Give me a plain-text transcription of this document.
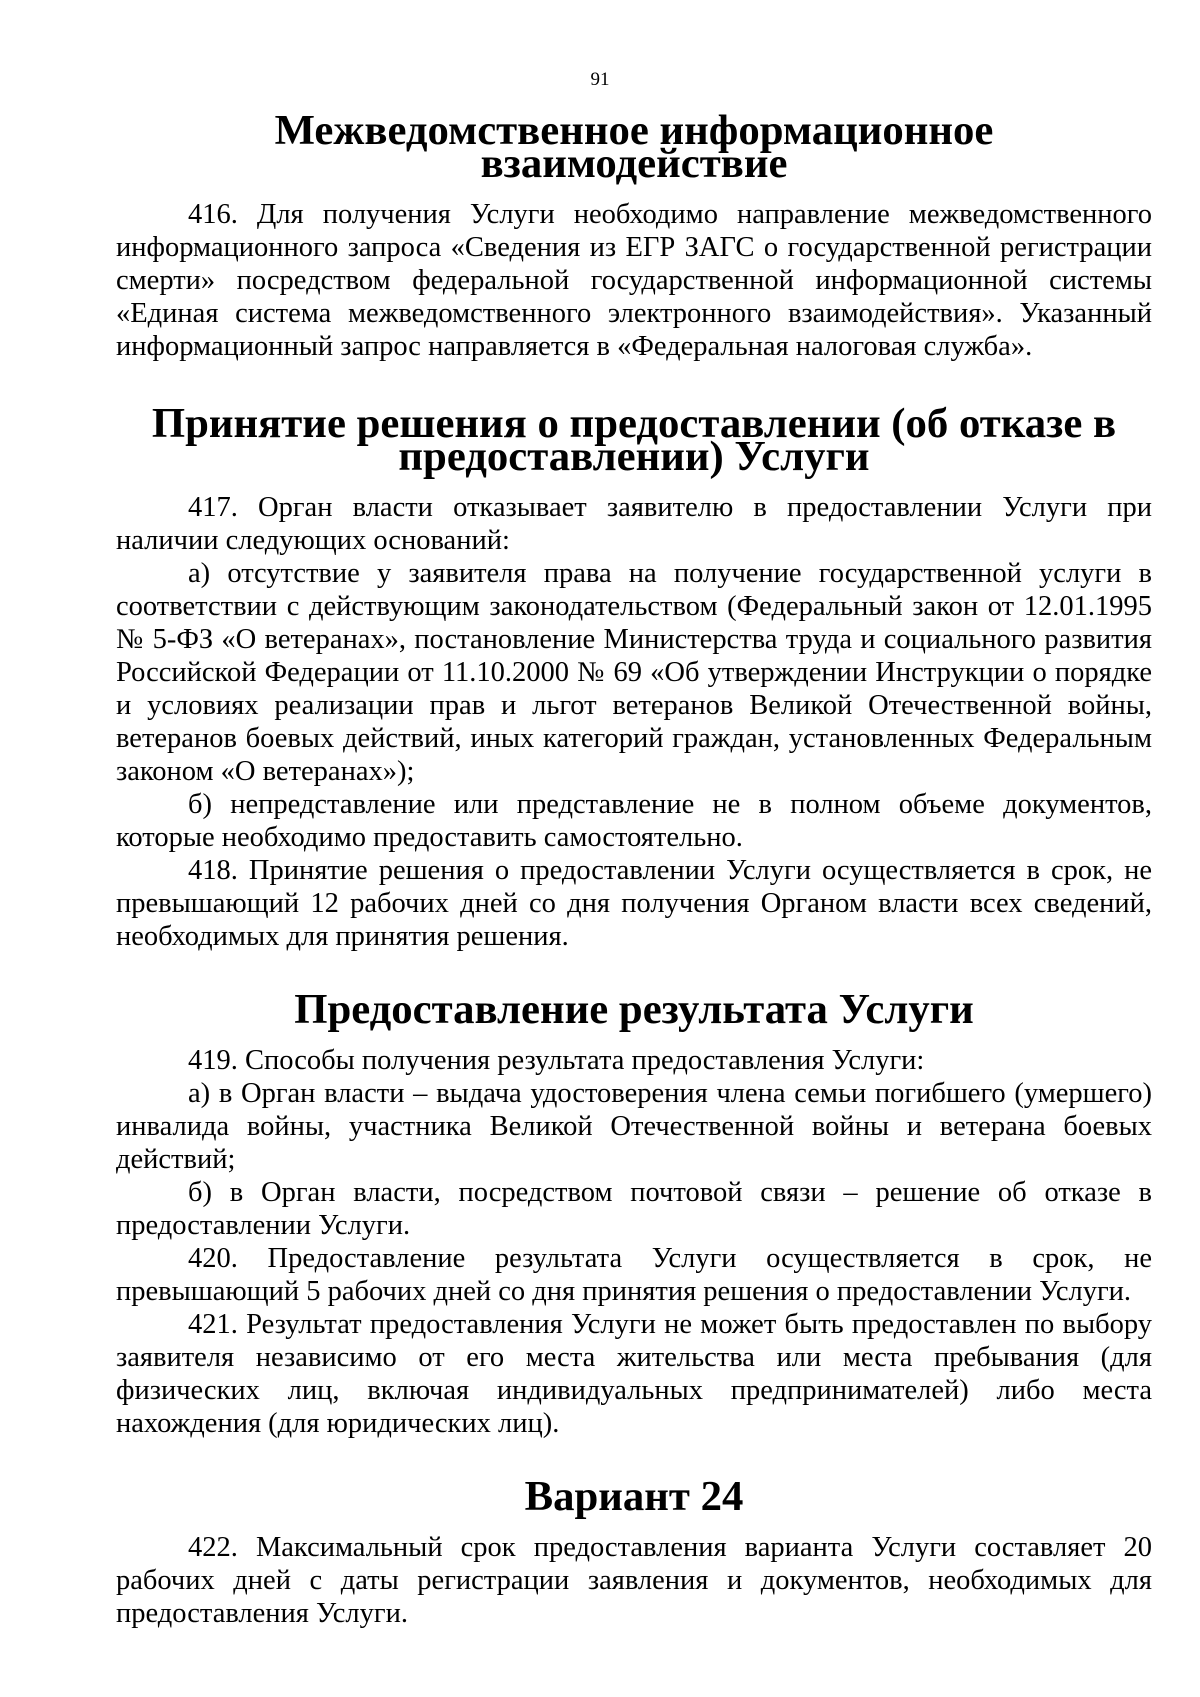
91
Межведомственное информационное взаимодействие

416. Для получения Услуги необходимо направление межведомственного информационного запроса «Сведения из ЕГР ЗАГС о государственной регистрации смерти» посредством федеральной государственной информационной системы «Единая система межведомственного электронного взаимодействия». Указанный информационный запрос направляется в «Федеральная налоговая служба».

Принятие решения о предоставлении (об отказе в предоставлении) Услуги

417. Орган власти отказывает заявителю в предоставлении Услуги при наличии следующих оснований:

а) отсутствие у заявителя права на получение государственной услуги в соответствии с действующим законодательством (Федеральный закон от 12.01.1995 № 5-ФЗ «О ветеранах», постановление Министерства труда и социального развития Российской Федерации от 11.10.2000 № 69 «Об утверждении Инструкции о порядке и условиях реализации прав и льгот ветеранов Великой Отечественной войны, ветеранов боевых действий, иных категорий граждан, установленных Федеральным законом «О ветеранах»);

б) непредставление или представление не в полном объеме документов, которые необходимо предоставить самостоятельно.

418. Принятие решения о предоставлении Услуги осуществляется в срок, не превышающий 12 рабочих дней со дня получения Органом власти всех сведений, необходимых для принятия решения.

Предоставление результата Услуги

419. Способы получения результата предоставления Услуги:

а) в Орган власти – выдача удостоверения члена семьи погибшего (умершего) инвалида войны, участника Великой Отечественной войны и ветерана боевых действий;

б) в Орган власти, посредством почтовой связи – решение об отказе в предоставлении Услуги.

420. Предоставление результата Услуги осуществляется в срок, не превышающий 5 рабочих дней со дня принятия решения о предоставлении Услуги.

421. Результат предоставления Услуги не может быть предоставлен по выбору заявителя независимо от его места жительства или места пребывания (для физических лиц, включая индивидуальных предпринимателей) либо места нахождения (для юридических лиц).

Вариант 24

422. Максимальный срок предоставления варианта Услуги составляет 20 рабочих дней с даты регистрации заявления и документов, необходимых для предоставления Услуги.
